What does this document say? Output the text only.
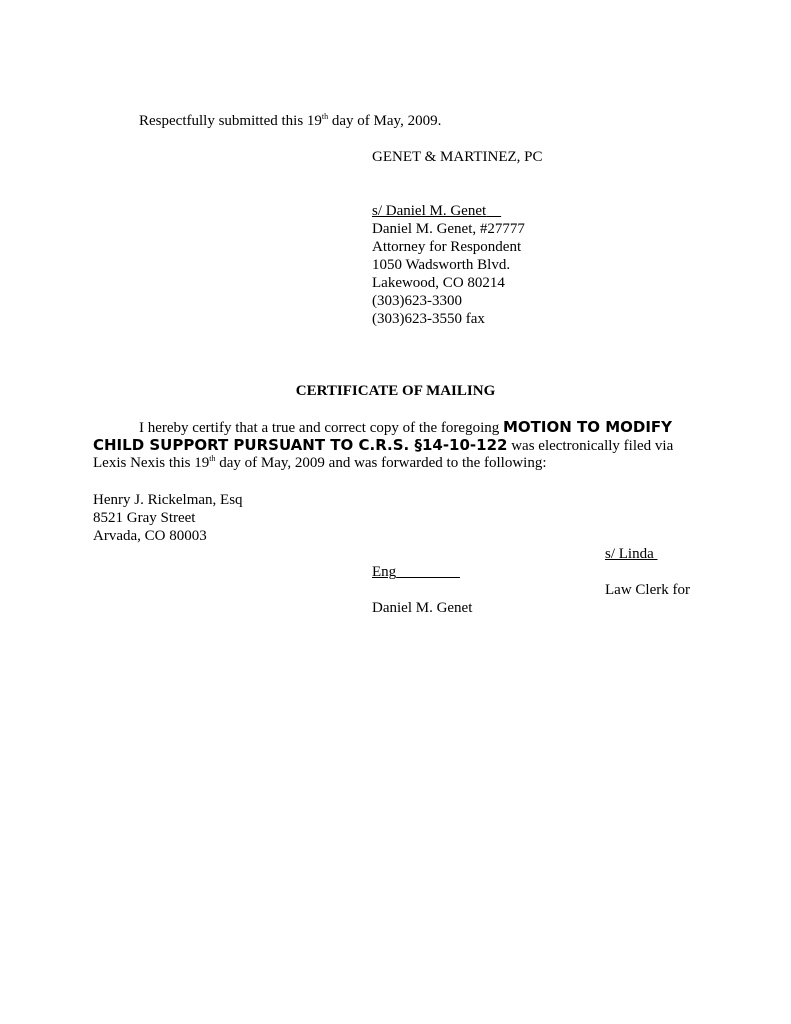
Respectfully submitted this 19th day of May, 2009.
GENET & MARTINEZ, PC
s/ Daniel M. Genet
Daniel M. Genet, #27777
Attorney for Respondent
1050 Wadsworth Blvd.
Lakewood, CO 80214
(303)623-3300
(303)623-3550 fax
CERTIFICATE OF MAILING
I hereby certify that a true and correct copy of the foregoing MOTION TO MODIFY
CHILD SUPPORT PURSUANT TO C.R.S. §14-10-122 was electronically filed via
Lexis Nexis this 19th day of May, 2009 and was forwarded to the following:
Henry J. Rickelman, Esq
8521 Gray Street
Arvada, CO 80003
s/ Linda
Eng
Law Clerk for
Daniel M. Genet
